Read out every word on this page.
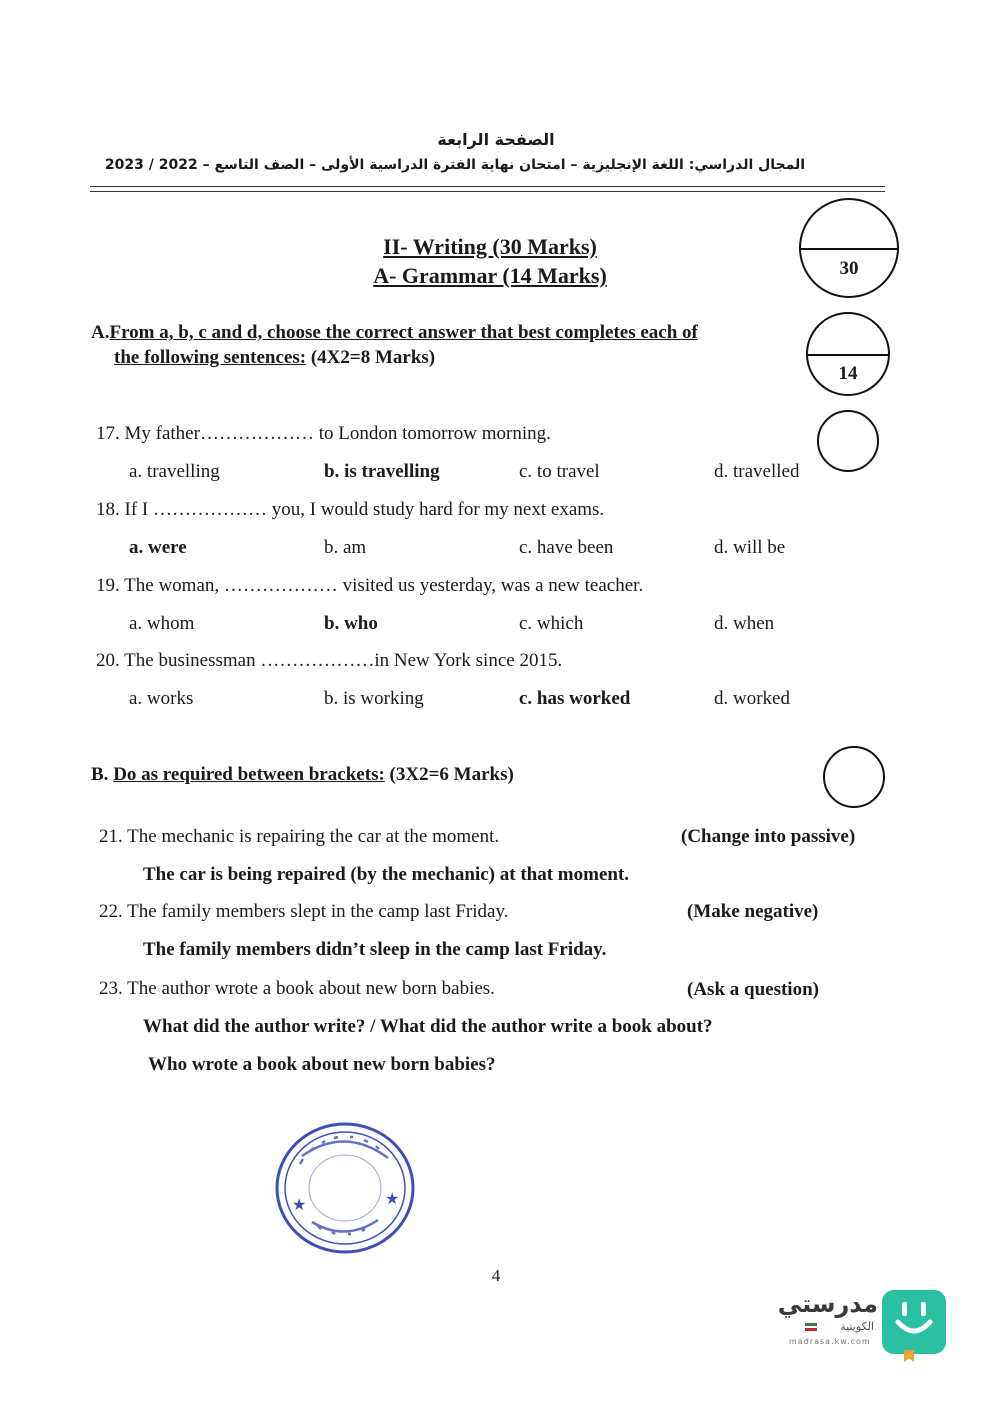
الصفحة الرابعة
المجال الدراسي: اللغة الإنجليزية – امتحان نهاية الفترة الدراسية الأولى – الصف التاسع – 2022 / 2023
II- Writing (30 Marks)
A- Grammar (14 Marks)	30
14
A.From a, b, c and d, choose the correct answer that best completes each of
the following sentences: (4X2=8 Marks)
17. My father……………… to London tomorrow morning.
a. travelling	b. is travelling	c. to travel	d. travelled
18. If I ……………… you, I would study hard for my next exams.
a. were	b. am	c. have been	d. will be
19. The woman, ……………… visited us yesterday, was a new teacher.
a. whom	b. who	c. which	d. when
20. The businessman ………………in New York since 2015.
a. works	b. is working	c. has worked	d. worked
B. Do as required between brackets: (3X2=6 Marks)
21. The mechanic is repairing the car at the moment.	(Change into passive)
The car is being repaired (by the mechanic) at that moment.
22. The family members slept in the camp last Friday.	(Make negative)
The family members didn’t sleep in the camp last Friday.
23. The author wrote a book about new born babies.	(Ask a question)
What did the author write? / What did the author write a book about?
Who wrote a book about new born babies?
★	★
4
مدرستي
الكويتية
madrasa.kw.com
